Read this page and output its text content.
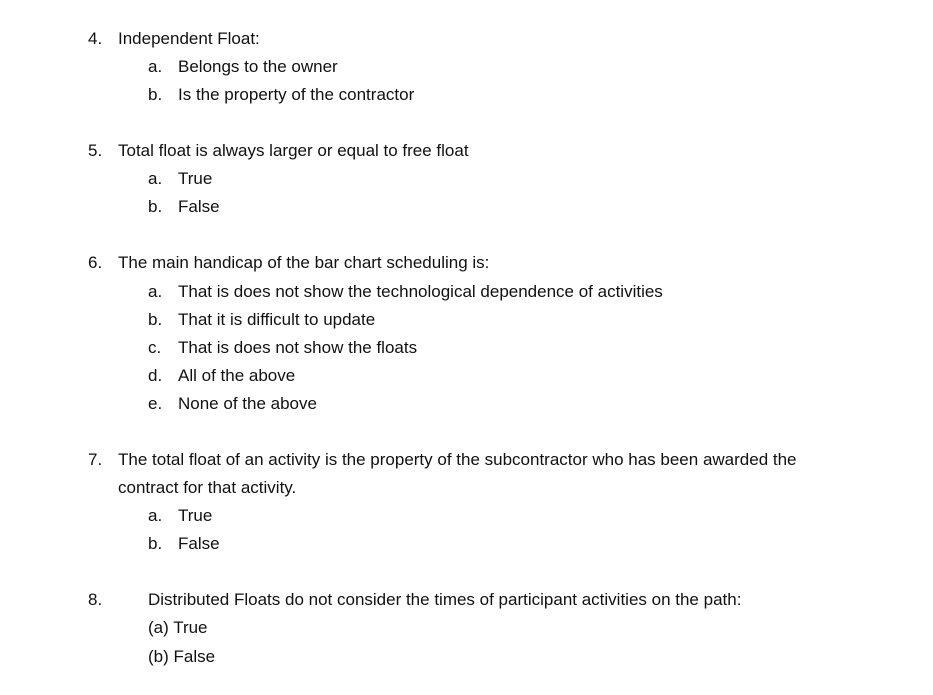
4. Independent Float:
a. Belongs to the owner
b. Is the property of the contractor
5. Total float is always larger or equal to free float
a. True
b. False
6. The main handicap of the bar chart scheduling is:
a. That is does not show the technological dependence of activities
b. That it is difficult to update
c. That is does not show the floats
d. All of the above
e. None of the above
7. The total float of an activity is the property of the subcontractor who has been awarded the
contract for that activity.
a. True
b. False
8.	Distributed Floats do not consider the times of participant activities on the path:
(a) True
(b) False
